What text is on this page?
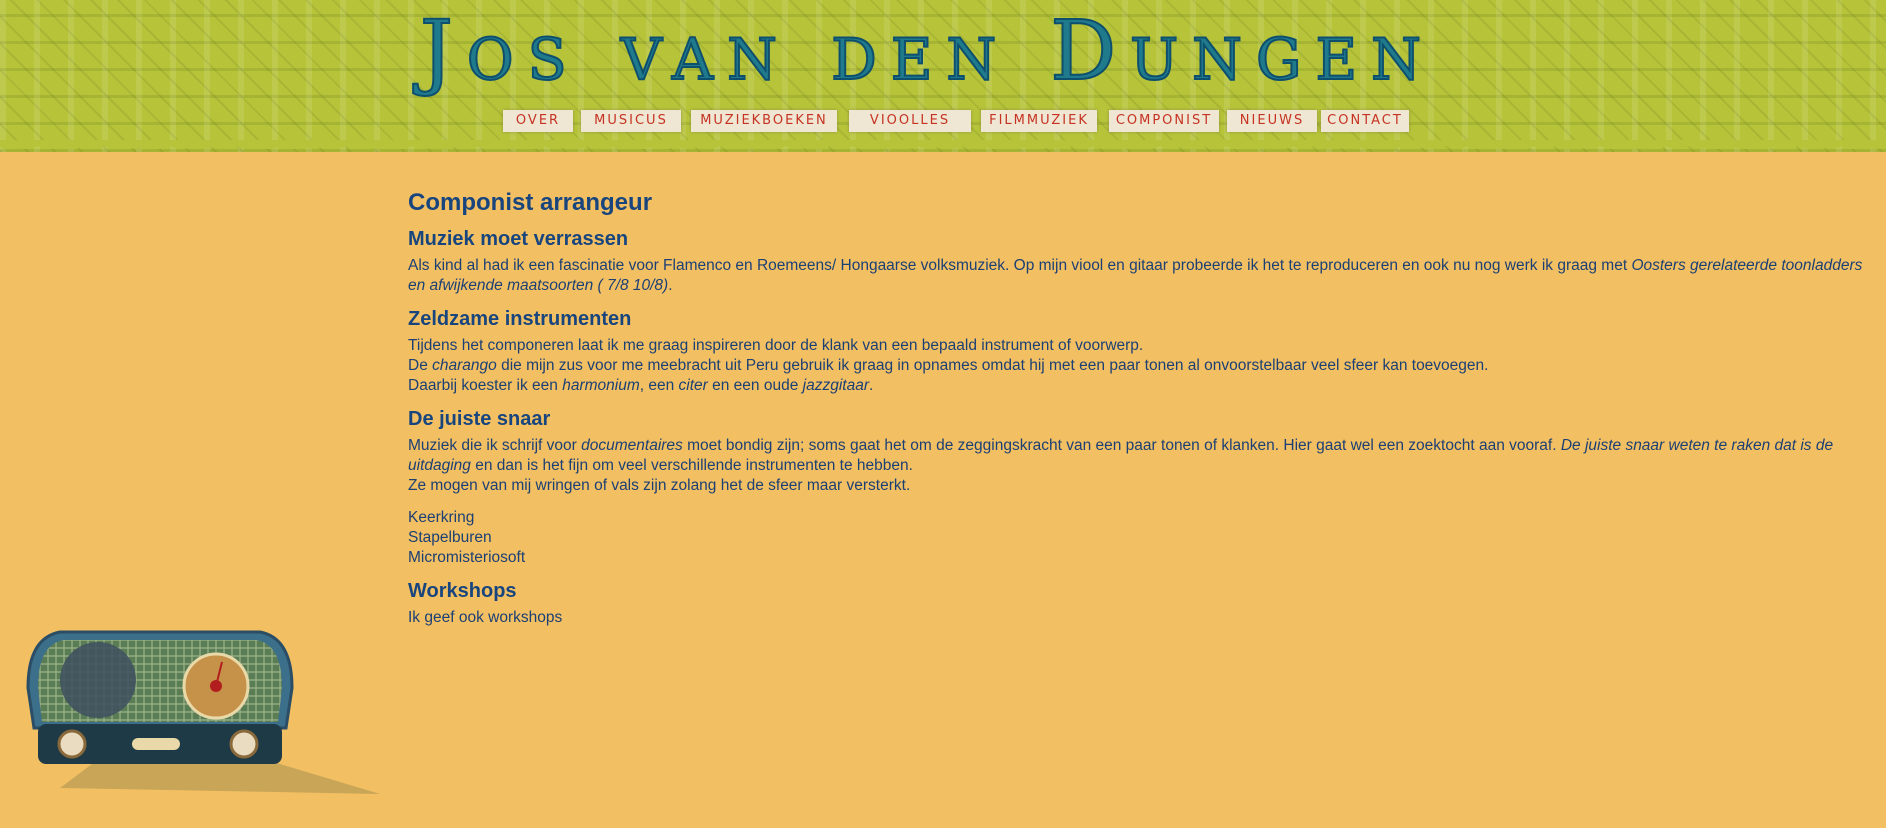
Jos van den Dungen
OVER	MUSICUS	MUZIEKBOEKEN	VIOOLLES	FILMMUZIEK	COMPONIST	NIEUWS	CONTACT
Componist arrangeur
Muziek moet verrassen

Als kind al had ik een fascinatie voor Flamenco en Roemeens/ Hongaarse volksmuziek. Op mijn viool en gitaar probeerde ik het te reproduceren en ook nu nog werk ik graag met Oosters gerelateerde toonladders en afwijkende maatsoorten ( 7/8 10/8).

Zeldzame instrumenten

Tijdens het componeren laat ik me graag inspireren door de klank van een bepaald instrument of voorwerp.
De charango die mijn zus voor me meebracht uit Peru gebruik ik graag in opnames omdat hij met een paar tonen al onvoorstelbaar veel sfeer kan toevoegen.
Daarbij koester ik een harmonium, een citer en een oude jazzgitaar.

De juiste snaar

Muziek die ik schrijf voor documentaires moet bondig zijn; soms gaat het om de zeggingskracht van een paar tonen of klanken. Hier gaat wel een zoektocht aan vooraf. De juiste snaar weten te raken dat is de uitdaging en dan is het fijn om veel verschillende instrumenten te hebben.
Ze mogen van mij wringen of vals zijn zolang het de sfeer maar versterkt.

Keerkring

Stapelburen

Micromisteriosoft

Workshops

Ik geef ook workshops
